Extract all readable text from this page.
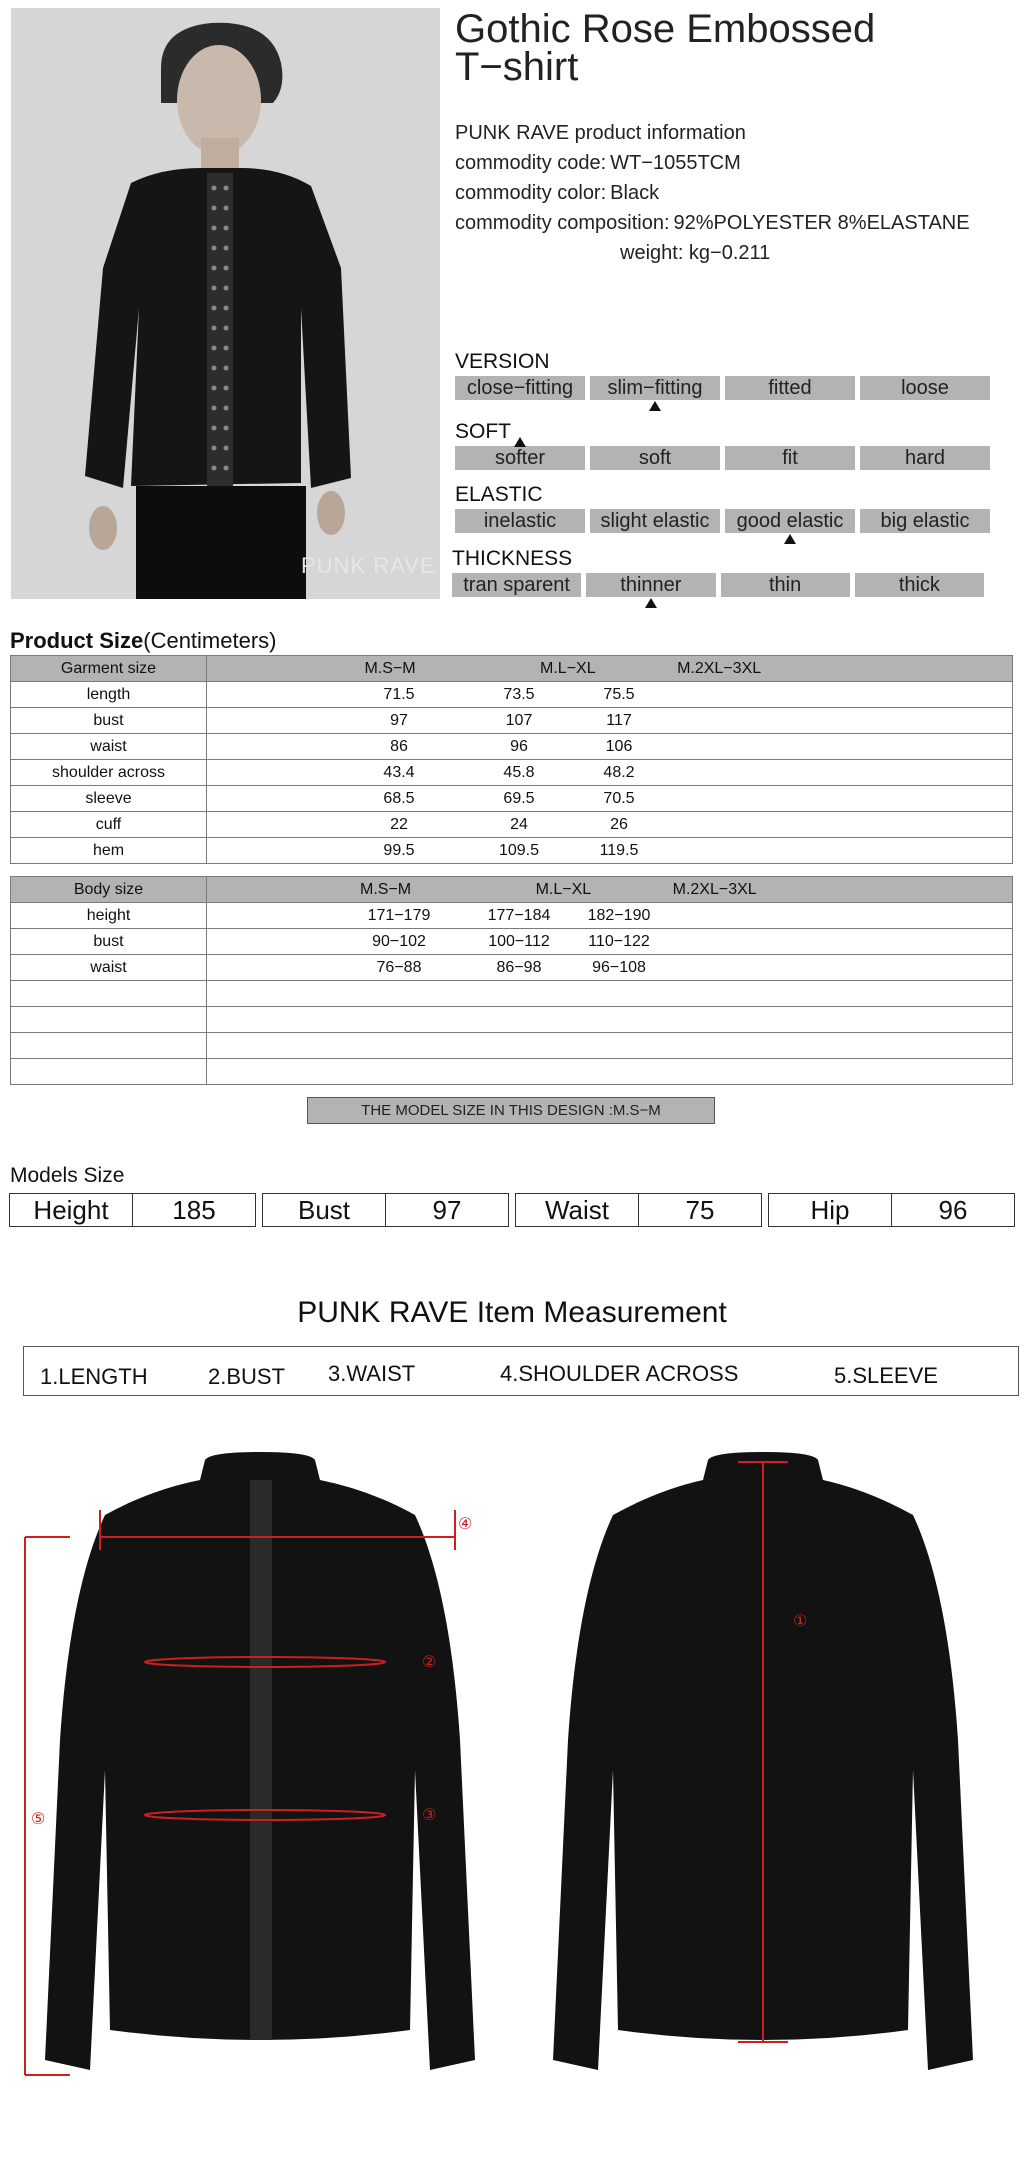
PUNK RAVE
Gothic Rose Embossed T−shirt
PUNK RAVE product information
commodity code: WT−1055TCM
commodity color: Black
commodity composition: 92%POLYESTER 8%ELASTANE
weight: kg−0.211
VERSION
close−fitting	slim−fitting	fitted	loose
SOFT
softer	soft	fit	hard
ELASTIC
inelastic	slight elastic	good elastic	big elastic
THICKNESS
tran sparent	thinner	thin	thick
Product Size(Centimeters)
Garment size	M.S−M M.L−XL M.2XL−3XL
length	71.5 73.5 75.5
bust	97 107 117
waist	86 96 106
shoulder across	43.4 45.8 48.2
sleeve	68.5 69.5 70.5
cuff	22 24 26
hem	99.5 109.5 119.5
Body size	M.S−M M.L−XL M.2XL−3XL
height	171−179 177−184 182−190
bust	90−102 100−112 110−122
waist	76−88 86−98 96−108

THE MODEL SIZE IN THIS DESIGN :M.S−M
Models Size
Height	185	Bust	97	Waist	75	Hip	96
PUNK RAVE Item Measurement
1.LENGTH	2.BUST 3.WAIST	4.SHOULDER ACROSS	5.SLEEVE
④
②
③
⑤
①
